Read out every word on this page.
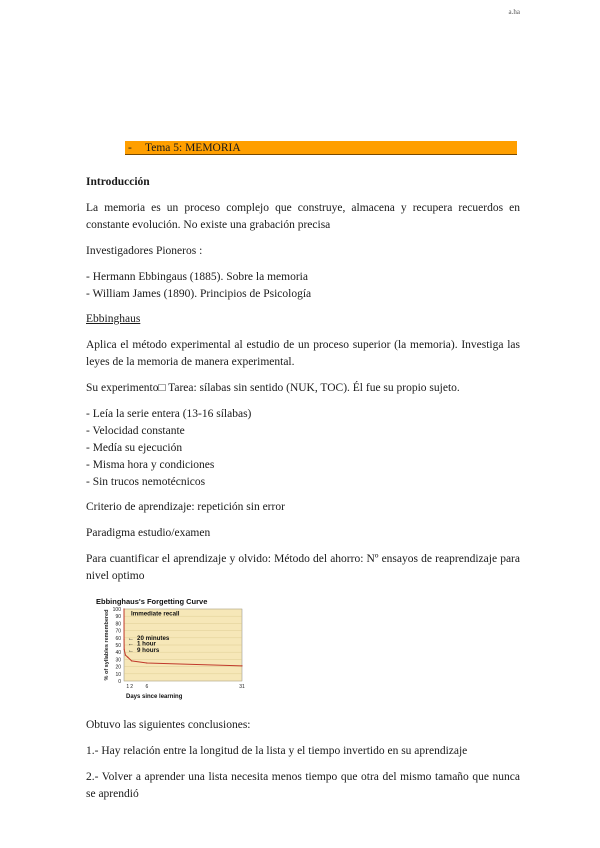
a.ha
- Tema 5: MEMORIA

Introducción

La memoria es un proceso complejo que construye, almacena y recupera recuerdos en constante evolución. No existe una grabación precisa

Investigadores Pioneros :

- Hermann Ebbingaus (1885). Sobre la memoria
- William James (1890). Principios de Psicología

Ebbinghaus

Aplica el método experimental al estudio de un proceso superior (la memoria). Investiga las leyes de la memoria de manera experimental.

Su experimento□ Tarea: sílabas sin sentido (NUK, TOC). Él fue su propio sujeto.

- Leía la serie entera (13-16 sílabas)
- Velocidad constante
- Medía su ejecución
- Misma hora y condiciones
- Sin trucos nemotécnicos

Criterio de aprendizaje: repetición sin error

Paradigma estudio/examen

Para cuantificar el aprendizaje y olvido: Método del ahorro: Nº ensayos de reaprendizaje para nivel optimo

Ebbinghaus's Forgetting Curve
100
90
80
70
60
50
40
30
20
10
0
1 2 6	31
% of syllables remembered
Days since learning
Immediate recall
← 20 minutes
← 1 hour
← 9 hours

Obtuvo las siguientes conclusiones:

1.- Hay relación entre la longitud de la lista y el tiempo invertido en su aprendizaje

2.- Volver a aprender una lista necesita menos tiempo que otra del mismo tamaño que nunca se aprendió
